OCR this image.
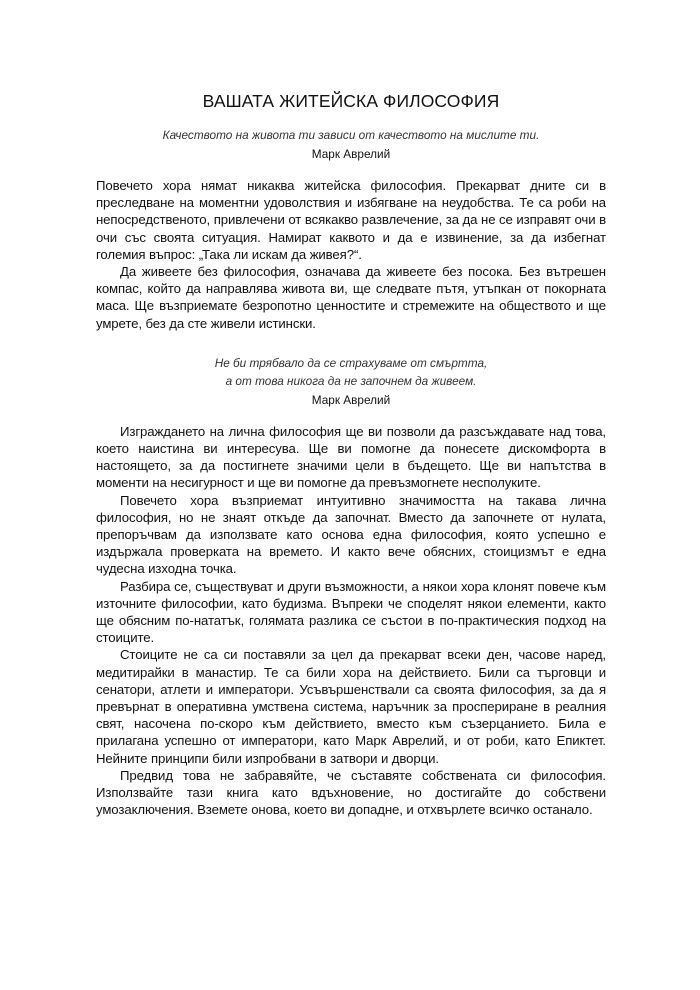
ВАШАТА ЖИТЕЙСКА ФИЛОСОФИЯ

Качеството на живота ти зависи от качеството на мислите ти.

Марк Аврелий

Повечето хора нямат никаква житейска философия. Прекарват дните си в преследване на моментни удоволствия и избягване на неудобства. Те са роби на непосредственото, привлечени от всякакво развлечение, за да не се изправят очи в очи със своята ситуация. Намират каквото и да е извинение, за да избегнат големия въпрос: „Така ли искам да живея?“.

Да живеете без философия, означава да живеете без посока. Без вътрешен компас, който да направлява живота ви, ще следвате пътя, утъпкан от покорната маса. Ще възприемате безропотно ценностите и стремежите на обществото и ще умрете, без да сте живели истински.

Не би трябвало да се страхуваме от смъртта,
а от това никога да не започнем да живеем.

Марк Аврелий

Изграждането на лична философия ще ви позволи да разсъждавате над това, което наистина ви интересува. Ще ви помогне да понесете дискомфорта в настоящето, за да постигнете значими цели в бъдещето. Ще ви напътства в моменти на несигурност и ще ви помогне да превъзмогнете несполуките.

Повечето хора възприемат интуитивно значимостта на такава лична философия, но не знаят откъде да започнат. Вместо да започнете от нулата, препоръчвам да използвате като основа една философия, която успешно е издържала проверката на времето. И както вече обясних, стоицизмът е една чудесна изходна точка.

Разбира се, съществуват и други възможности, а някои хора клонят повече към източните философии, като будизма. Въпреки че споделят някои елементи, както ще обясним по-нататък, голямата разлика се състои в по-практическия подход на стоиците.

Стоиците не са си поставяли за цел да прекарват всеки ден, часове наред, медитирайки в манастир. Те са били хора на действието. Били са търговци и сенатори, атлети и императори. Усъвършенствали са своята философия, за да я превърнат в оперативна умствена система, наръчник за проспериране в реалния свят, насочена по-скоро към действието, вместо към съзерцанието. Била е прилагана успешно от императори, като Марк Аврелий, и от роби, като Епиктет. Нейните принципи били изпробвани в затвори и дворци.

Предвид това не забравяйте, че съставяте собствената си философия. Използвайте тази книга като вдъхновение, но достигайте до собствени умозаключения. Вземете онова, което ви допадне, и отхвърлете всичко останало.
